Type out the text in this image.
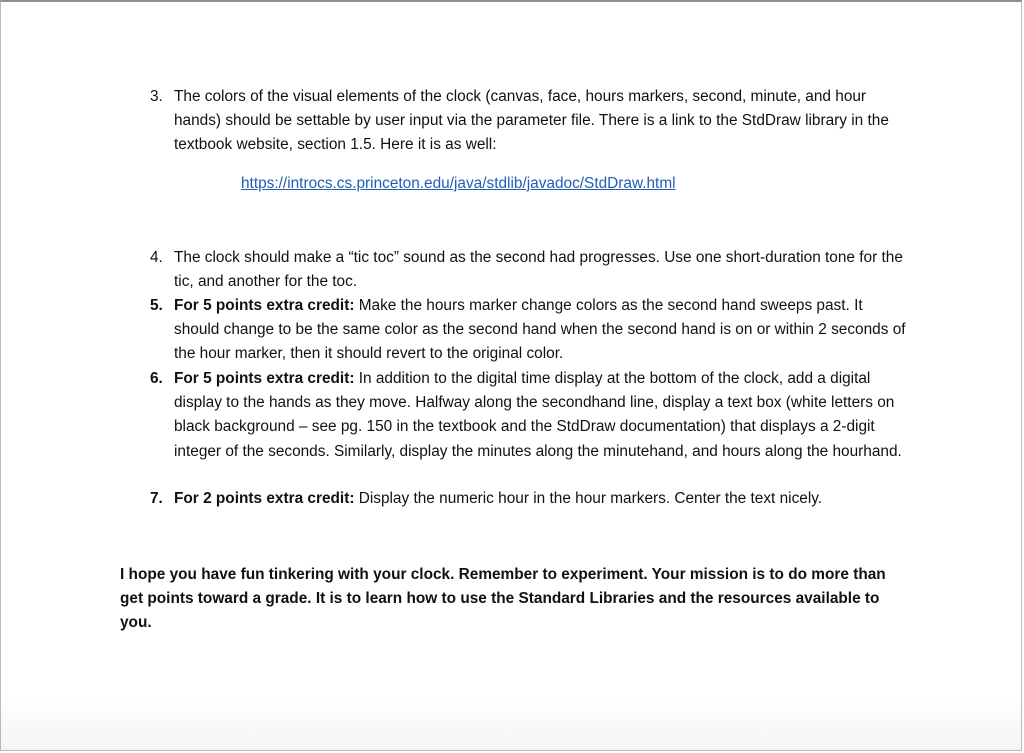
3. The colors of the visual elements of the clock (canvas, face, hours markers, second, minute, and hour hands) should be settable by user input via the parameter file. There is a link to the StdDraw library in the textbook website, section 1.5. Here it is as well:
https://introcs.cs.princeton.edu/java/stdlib/javadoc/StdDraw.html
4. The clock should make a “tic toc” sound as the second had progresses. Use one short-duration tone for the tic, and another for the toc.
5. For 5 points extra credit: Make the hours marker change colors as the second hand sweeps past. It should change to be the same color as the second hand when the second hand is on or within 2 seconds of the hour marker, then it should revert to the original color.
6. For 5 points extra credit: In addition to the digital time display at the bottom of the clock, add a digital display to the hands as they move. Halfway along the secondhand line, display a text box (white letters on black background – see pg. 150 in the textbook and the StdDraw documentation) that displays a 2-digit integer of the seconds. Similarly, display the minutes along the minutehand, and hours along the hourhand.
7. For 2 points extra credit: Display the numeric hour in the hour markers. Center the text nicely.
I hope you have fun tinkering with your clock. Remember to experiment. Your mission is to do more than get points toward a grade. It is to learn how to use the Standard Libraries and the resources available to you.
